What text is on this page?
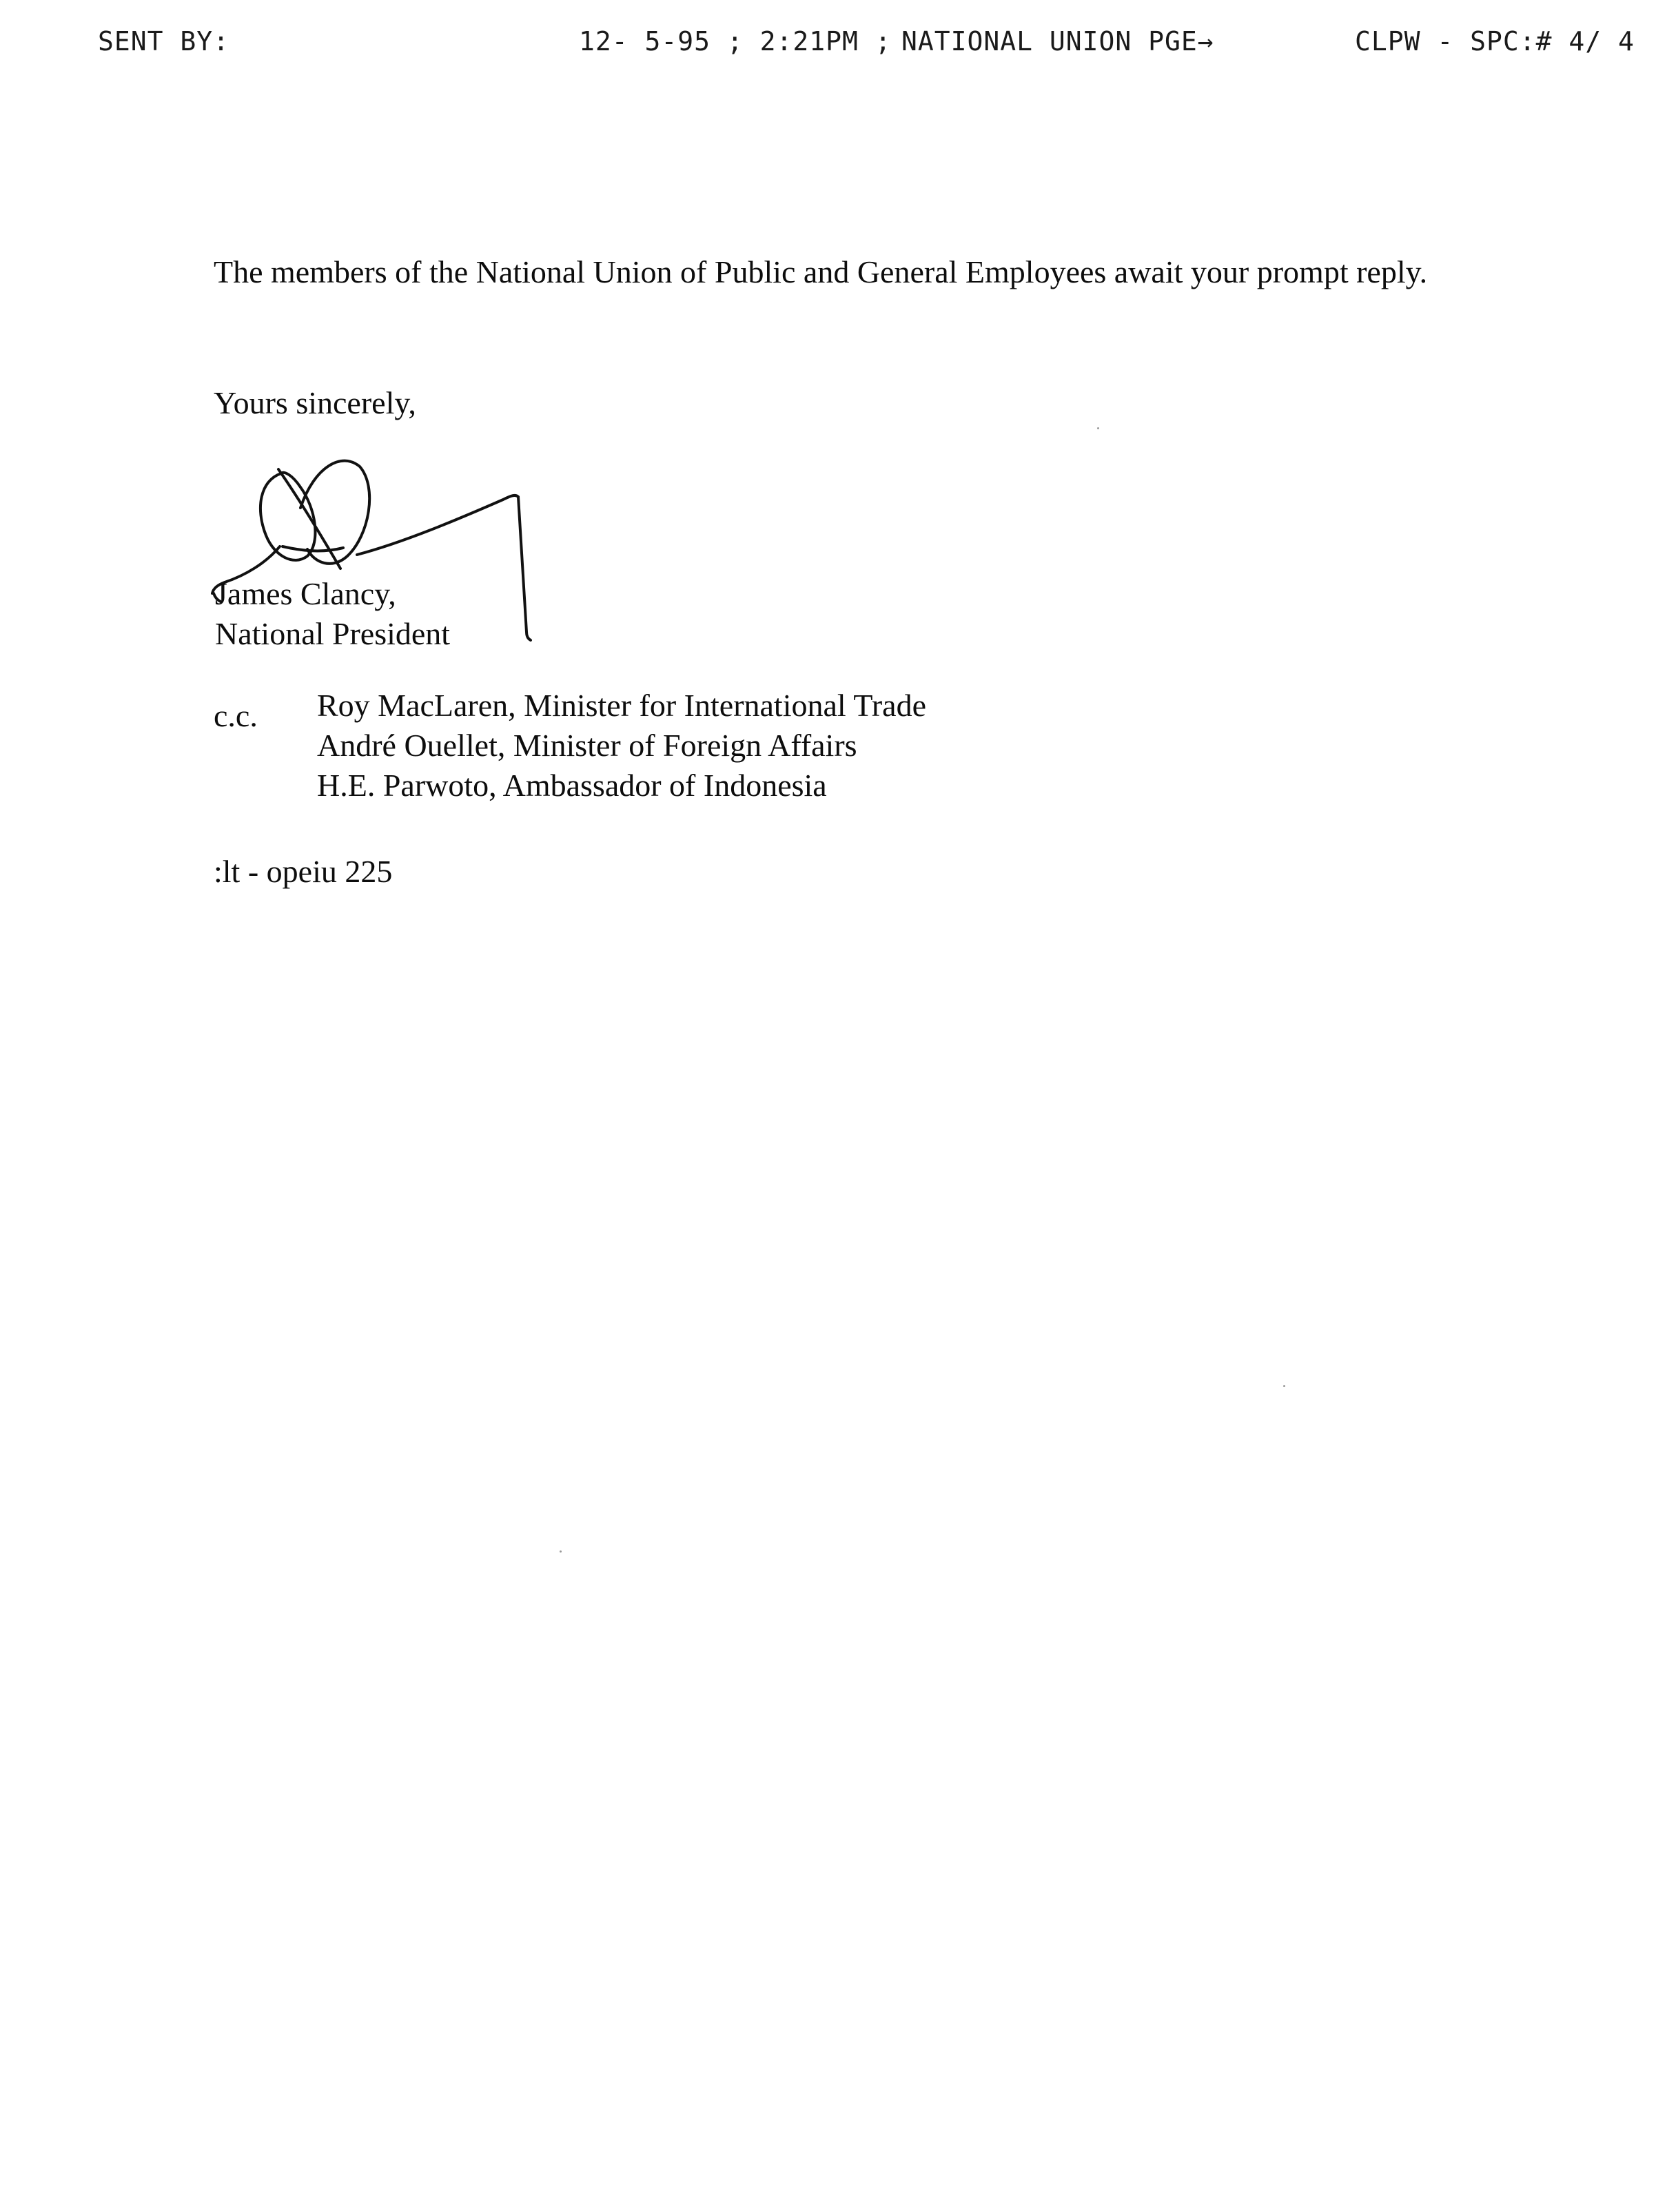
SENT BY:	12- 5-95 ; 2:21PM ; NATIONAL UNION PGE→	CLPW - SPC:# 4/ 4

The members of the National Union of Public and General Employees await your prompt reply.

Yours sincerely,

James Clancy,
National President
c.c. Roy MacLaren, Minister for International Trade
André Ouellet, Minister of Foreign Affairs
H.E. Parwoto, Ambassador of Indonesia

:lt - opeiu 225
